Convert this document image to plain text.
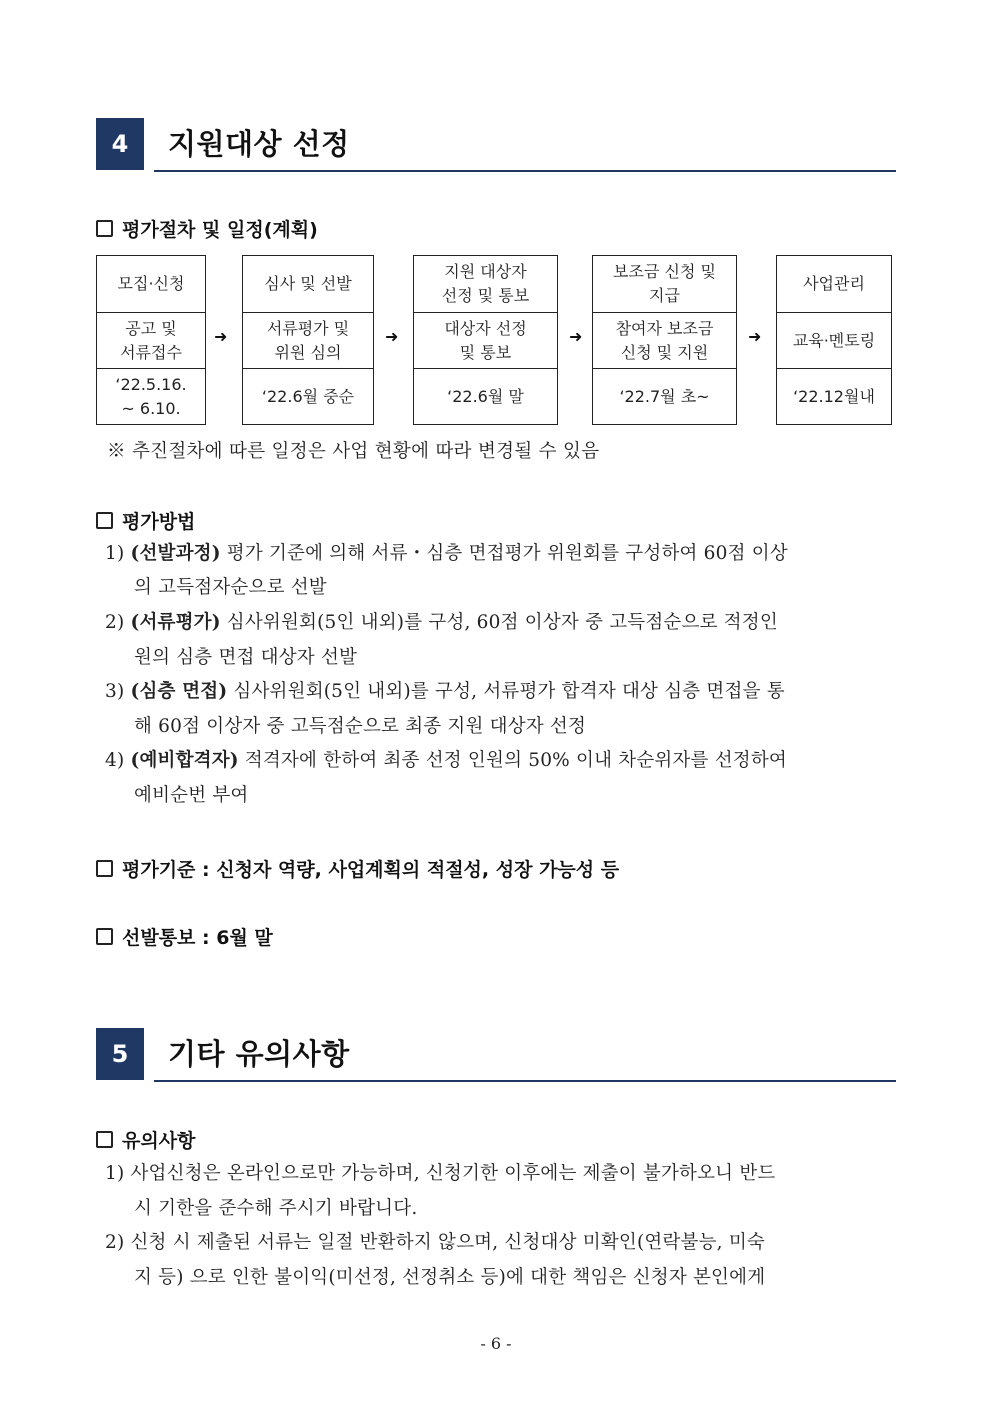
4	지원대상 선정
평가절차 및 일정(계획)
모집·신청
공고 및
서류접수
‘22.5.16.
~ 6.10.
➜
심사 및 선발
서류평가 및
위원 심의
‘22.6월 중순
➜
지원 대상자
선정 및 통보
대상자 선정
및 통보
‘22.6월 말
➜
보조금 신청 및
지급
참여자 보조금
신청 및 지원
‘22.7월 초~
➜
사업관리
교육·멘토링
‘22.12월내
※ 추진절차에 따른 일정은 사업 현황에 따라 변경될 수 있음
평가방법
1) (선발과정) 평가 기준에 의해 서류・심층 면접평가 위원회를 구성하여 60점 이상
의 고득점자순으로 선발
2) (서류평가) 심사위원회(5인 내외)를 구성, 60점 이상자 중 고득점순으로 적정인
원의 심층 면접 대상자 선발
3) (심층 면접) 심사위원회(5인 내외)를 구성, 서류평가 합격자 대상 심층 면접을 통
해 60점 이상자 중 고득점순으로 최종 지원 대상자 선정
4) (예비합격자) 적격자에 한하여 최종 선정 인원의 50% 이내 차순위자를 선정하여
예비순번 부여
평가기준 : 신청자 역량, 사업계획의 적절성, 성장 가능성 등
선발통보 : 6월 말
5	기타 유의사항
유의사항
1) 사업신청은 온라인으로만 가능하며, 신청기한 이후에는 제출이 불가하오니 반드
시 기한을 준수해 주시기 바랍니다.
2) 신청 시 제출된 서류는 일절 반환하지 않으며, 신청대상 미확인(연락불능, 미숙
지 등) 으로 인한 불이익(미선정, 선정취소 등)에 대한 책임은 신청자 본인에게
- 6 -
